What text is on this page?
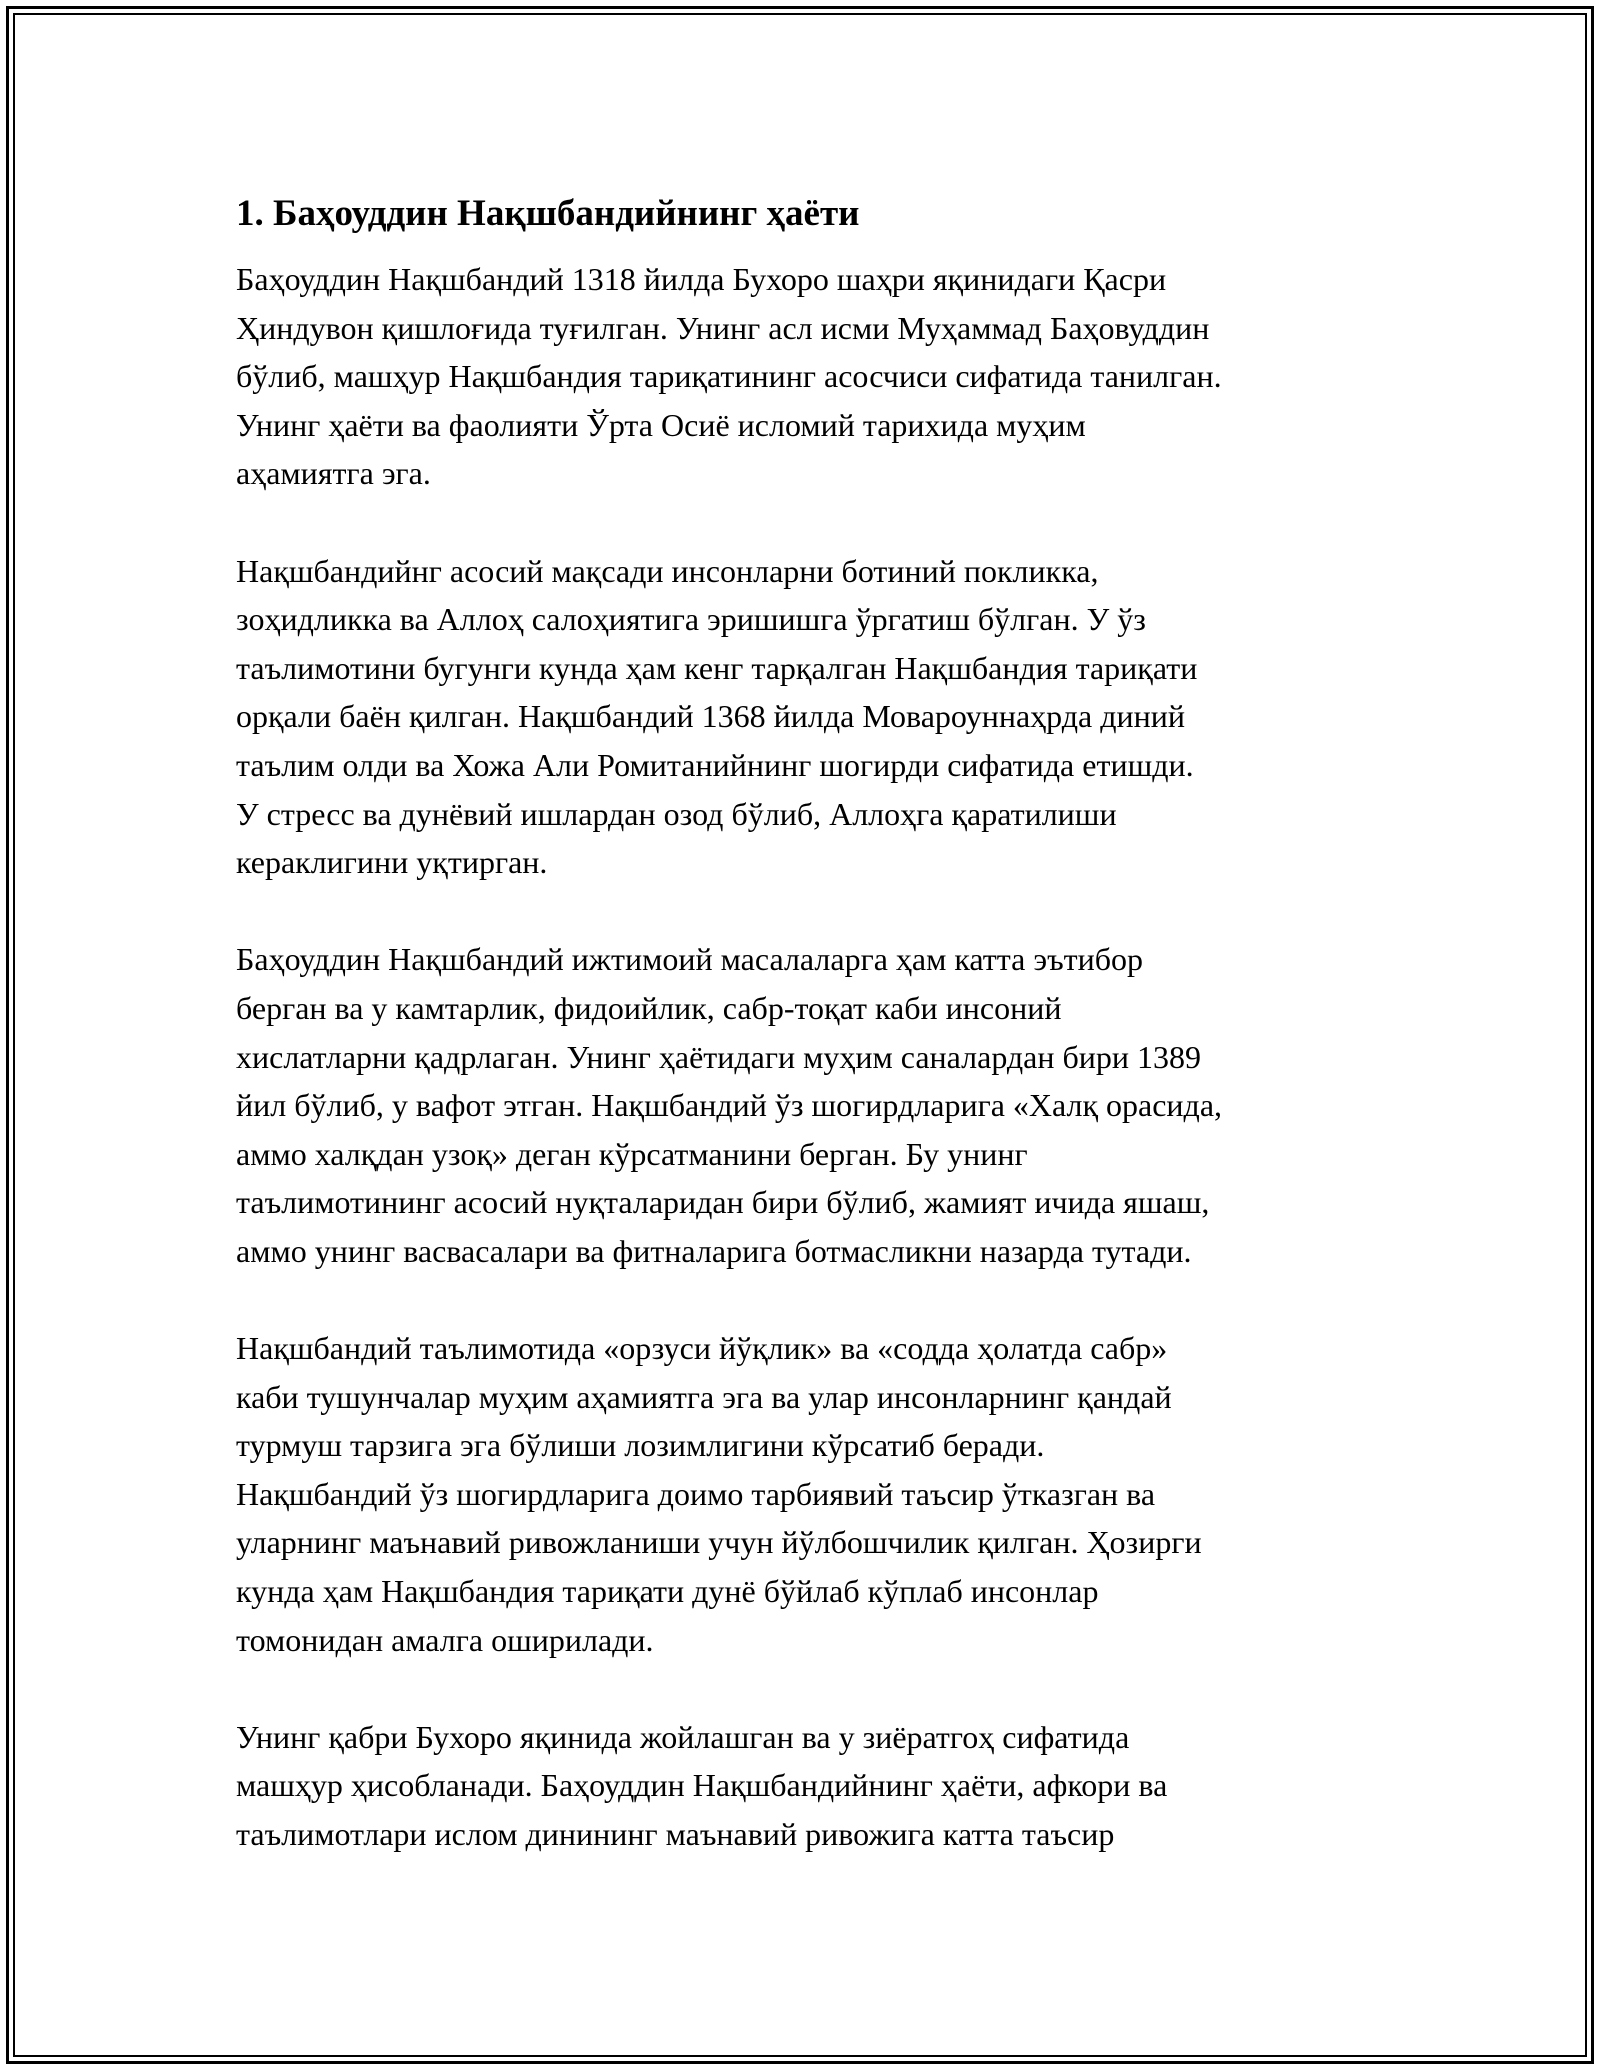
1. Баҳоуддин Нақшбандийнинг ҳаёти
Баҳоуддин Нақшбандий 1318 йилда Бухоро шаҳри яқинидаги Қасри
Ҳиндувон қишлоғида туғилган. Унинг асл исми Муҳаммад Баҳовуддин
бўлиб, машҳур Нақшбандия тариқатининг асосчиси сифатида танилган.
Унинг ҳаёти ва фаолияти Ўрта Осиё исломий тарихида муҳим
аҳамиятга эга.
Нақшбандийнг асосий мақсади инсонларни ботиний покликка,
зоҳидликка ва Аллоҳ салоҳиятига эришишга ўргатиш бўлган. У ўз
таълимотини бугунги кунда ҳам кенг тарқалган Нақшбандия тариқати
орқали баён қилган. Нақшбандий 1368 йилда Мовароуннаҳрда диний
таълим олди ва Хожа Али Ромитанийнинг шогирди сифатида етишди.
У стресс ва дунёвий ишлардан озод бўлиб, Аллоҳга қаратилиши
кераклигини уқтирган.
Баҳоуддин Нақшбандий ижтимоий масалаларга ҳам катта эътибор
берган ва у камтарлик, фидоийлик, сабр-тоқат каби инсоний
хислатларни қадрлаган. Унинг ҳаётидаги муҳим саналардан бири 1389
йил бўлиб, у вафот этган. Нақшбандий ўз шогирдларига «Халқ орасида,
аммо халқдан узоқ» деган кўрсатманини берган. Бу унинг
таълимотининг асосий нуқталаридан бири бўлиб, жамият ичида яшаш,
аммо унинг васвасалари ва фитналарига ботмасликни назарда тутади.
Нақшбандий таълимотида «орзуси йўқлик» ва «содда ҳолатда сабр»
каби тушунчалар муҳим аҳамиятга эга ва улар инсонларнинг қандай
турмуш тарзига эга бўлиши лозимлигини кўрсатиб беради.
Нақшбандий ўз шогирдларига доимо тарбиявий таъсир ўтказган ва
уларнинг маънавий ривожланиши учун йўлбошчилик қилган. Ҳозирги
кунда ҳам Нақшбандия тариқати дунё бўйлаб кўплаб инсонлар
томонидан амалга оширилади.
Унинг қабри Бухоро яқинида жойлашган ва у зиёратгоҳ сифатида
машҳур ҳисобланади. Баҳоуддин Нақшбандийнинг ҳаёти, афкори ва
таълимотлари ислом динининг маънавий ривожига катта таъсир
